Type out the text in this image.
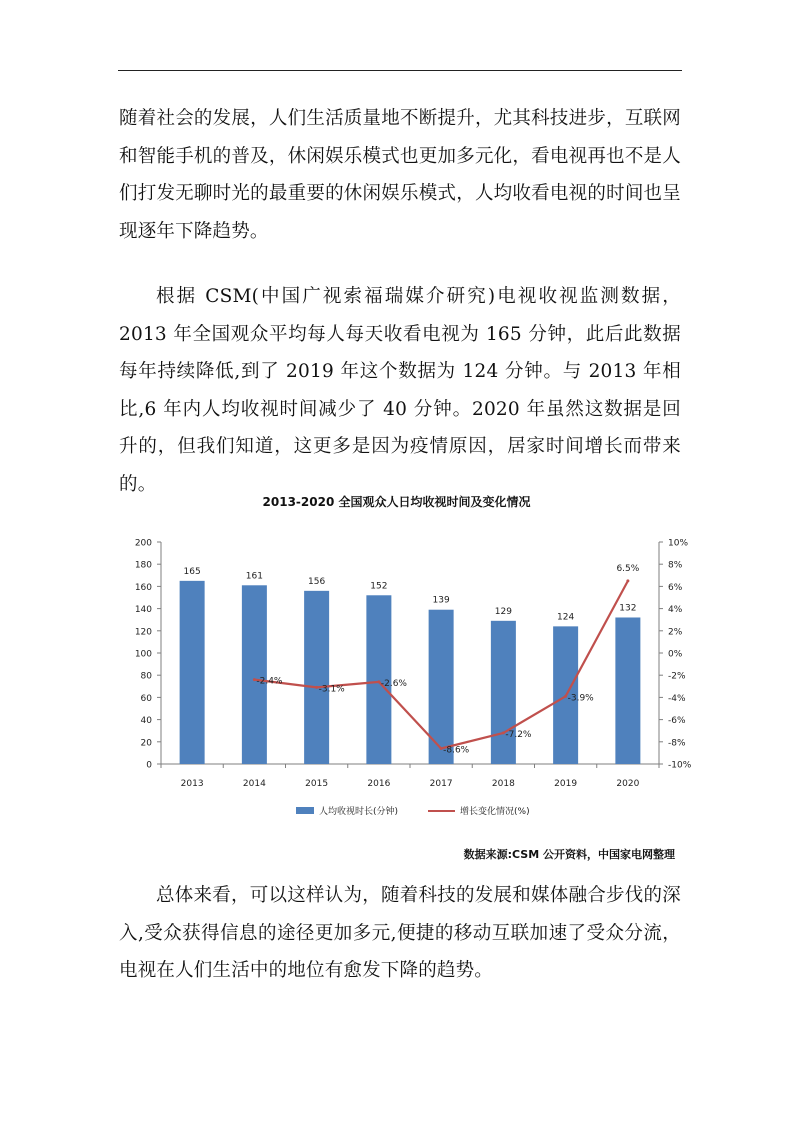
随着社会的发展，人们生活质量地不断提升，尤其科技进步，互联网和智能手机的普及，休闲娱乐模式也更加多元化，看电视再也不是人们打发无聊时光的最重要的休闲娱乐模式，人均收看电视的时间也呈现逐年下降趋势。

根据 CSM(中国广视索福瑞媒介研究)电视收视监测数据，2013 年全国观众平均每人每天收看电视为 165 分钟，此后此数据每年持续降低,到了 2019 年这个数据为 124 分钟。与 2013 年相比,6 年内人均收视时间减少了 40 分钟。2020 年虽然这数据是回升的，但我们知道，这更多是因为疫情原因，居家时间增长而带来的。

2013-2020 全国观众人日均收视时间及变化情况
0
20
40
60
80
100
120
140
160
180
200
-10%
-8%
-6%
-4%
-2%
0%
2%
4%
6%
8%
10%
165	161
156	152
139
129
124
132
2013	2014	2015	2016	2017	2018	2019	2020
-2.4%
-3.1%
-2.6%
-8.6%
-7.2%
-3.9%
6.5%
人均收视时长(分钟)	增长变化情况(%)
数据来源:CSM 公开资料，中国家电网整理

总体来看，可以这样认为，随着科技的发展和媒体融合步伐的深入,受众获得信息的途径更加多元,便捷的移动互联加速了受众分流，电视在人们生活中的地位有愈发下降的趋势。
